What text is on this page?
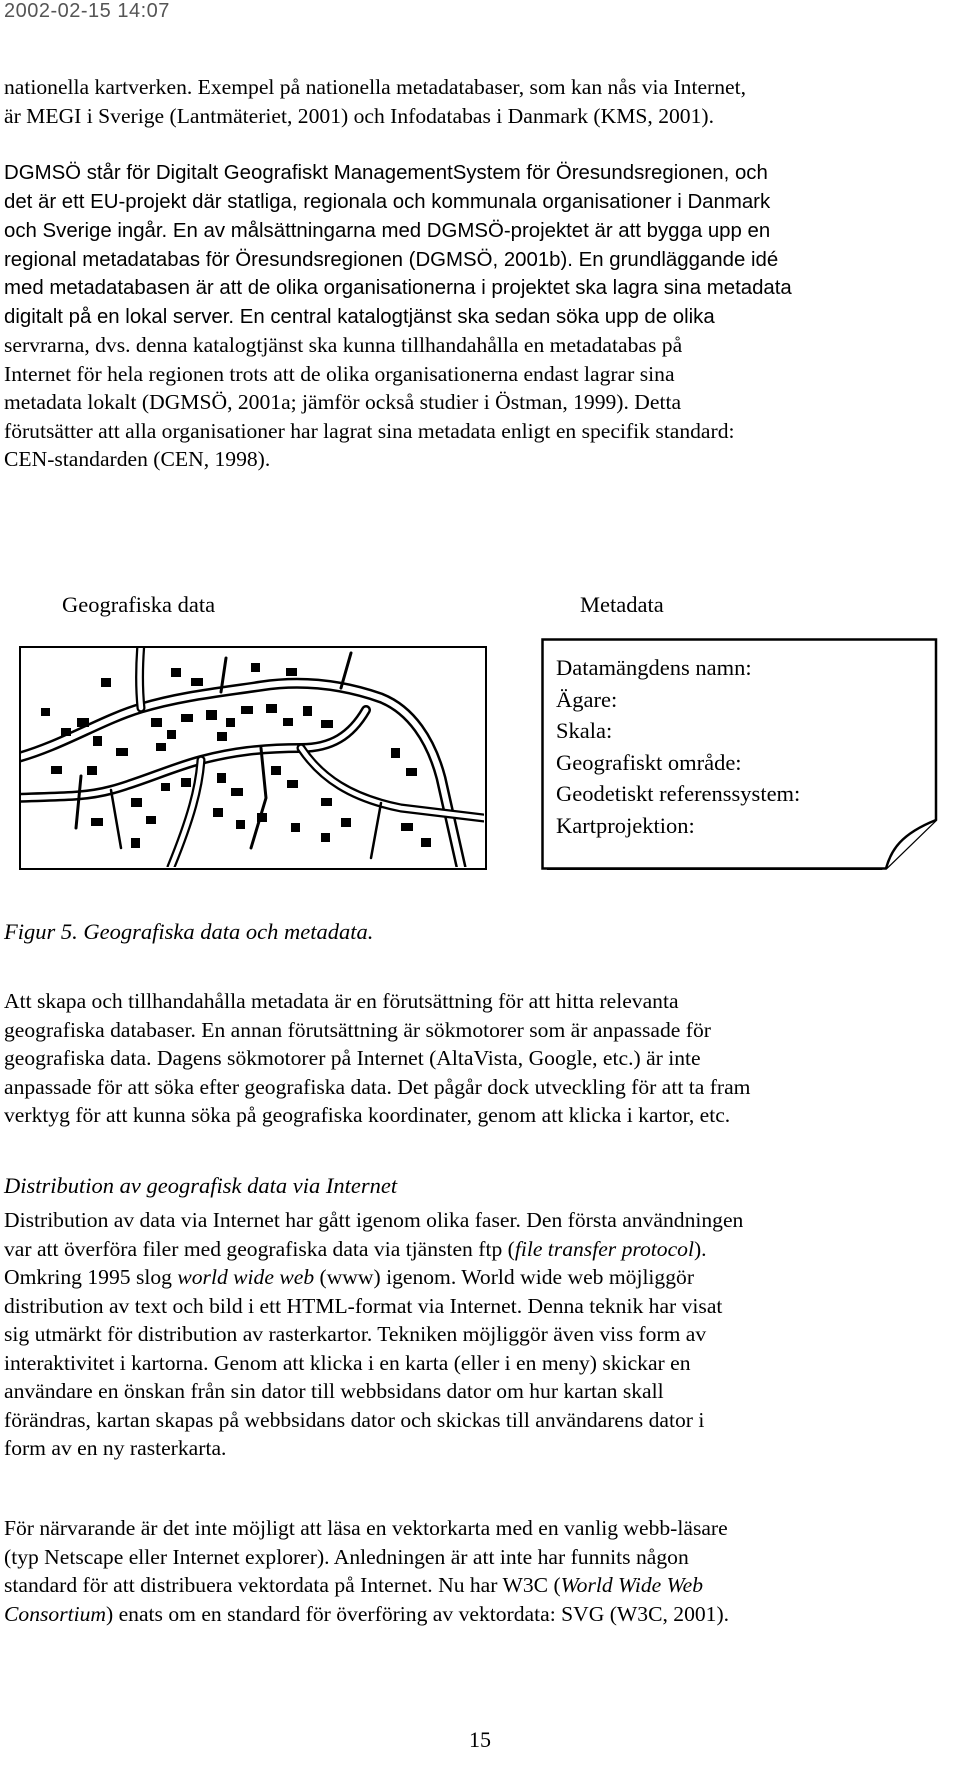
2002-02-15 14:07

nationella kartverken. Exempel på nationella metadatabaser, som kan nås via Internet,
är MEGI i Sverige (Lantmäteriet, 2001) och Infodatabas i Danmark (KMS, 2001).

DGMSÖ står för Digitalt Geografiskt ManagementSystem för Öresundsregionen, och
det är ett EU-projekt där statliga, regionala och kommunala organisationer i Danmark
och Sverige ingår. En av målsättningarna med DGMSÖ-projektet är att bygga upp en
regional metadatabas för Öresundsregionen (DGMSÖ, 2001b). En grundläggande idé
med metadatabasen är att de olika organisationerna i projektet ska lagra sina metadata
digitalt på en lokal server. En central katalogtjänst ska sedan söka upp de olika
servrarna, dvs. denna katalogtjänst ska kunna tillhandahålla en metadatabas på
Internet för hela regionen trots att de olika organisationerna endast lagrar sina
metadata lokalt (DGMSÖ, 2001a; jämför också studier i Östman, 1999). Detta
förutsätter att alla organisationer har lagrat sina metadata enligt en specifik standard:
CEN-standarden (CEN, 1998).

Geografiska data	Metadata
Datamängdens namn:
Ägare:
Skala:
Geografiskt område:
Geodetiskt referenssystem:
Kartprojektion:
Figur 5. Geografiska data och metadata.

Att skapa och tillhandahålla metadata är en förutsättning för att hitta relevanta
geografiska databaser. En annan förutsättning är sökmotorer som är anpassade för
geografiska data. Dagens sökmotorer på Internet (AltaVista, Google, etc.) är inte
anpassade för att söka efter geografiska data. Det pågår dock utveckling för att ta fram
verktyg för att kunna söka på geografiska koordinater, genom att klicka i kartor, etc.

Distribution av geografisk data via Internet

Distribution av data via Internet har gått igenom olika faser. Den första användningen
var att överföra filer med geografiska data via tjänsten ftp (file transfer protocol).
Omkring 1995 slog world wide web (www) igenom. World wide web möjliggör
distribution av text och bild i ett HTML-format via Internet. Denna teknik har visat
sig utmärkt för distribution av rasterkartor. Tekniken möjliggör även viss form av
interaktivitet i kartorna. Genom att klicka i en karta (eller i en meny) skickar en
användare en önskan från sin dator till webbsidans dator om hur kartan skall
förändras, kartan skapas på webbsidans dator och skickas till användarens dator i
form av en ny rasterkarta.

För närvarande är det inte möjligt att läsa en vektorkarta med en vanlig webb-läsare
(typ Netscape eller Internet explorer). Anledningen är att inte har funnits någon
standard för att distribuera vektordata på Internet. Nu har W3C (World Wide Web
Consortium) enats om en standard för överföring av vektordata: SVG (W3C, 2001).

15
